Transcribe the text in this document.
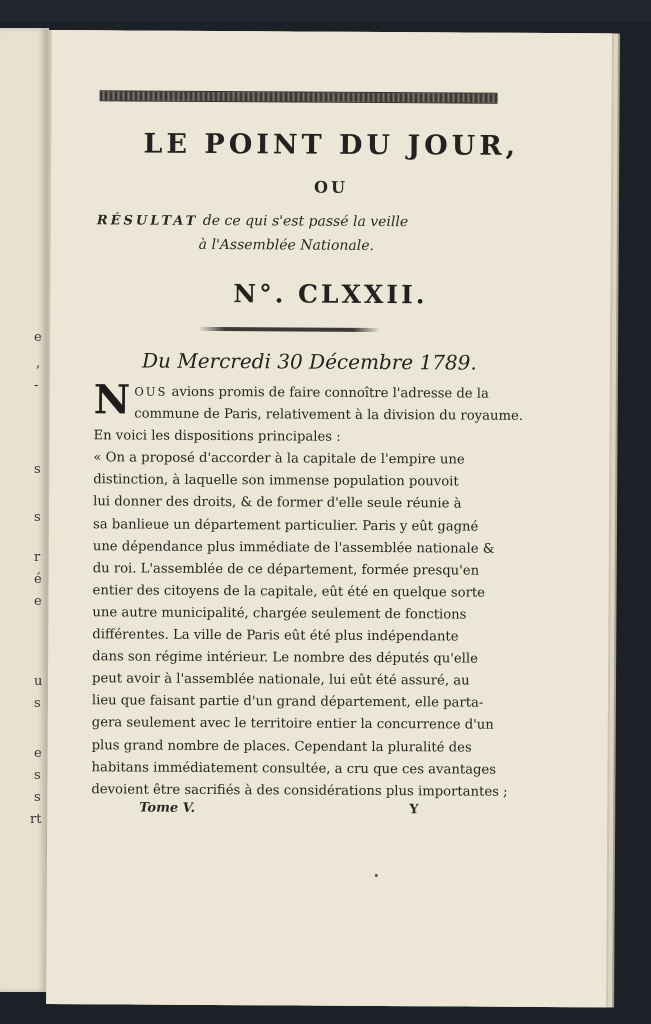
e
,
-
s
s
r
é
e
u
s
e
s
s
rt
LE POINT DU JOUR,
OU
RÉSULTAT de ce qui s'est passé la veille
à l'Assemblée Nationale.
N°. CLXXII.
Du Mercredi 30 Décembre 1789.
N OUS avions promis de faire connoître l'adresse de la
commune de Paris, relativement à la division du royaume.
En voici les dispositions principales :
« On a proposé d'accorder à la capitale de l'empire une
distinction, à laquelle son immense population pouvoit
lui donner des droits, & de former d'elle seule réunie à
sa banlieue un département particulier. Paris y eût gagné
une dépendance plus immédiate de l'assemblée nationale &
du roi. L'assemblée de ce département, formée presqu'en
entier des citoyens de la capitale, eût été en quelque sorte
une autre municipalité, chargée seulement de fonctions
différentes. La ville de Paris eût été plus indépendante
dans son régime intérieur. Le nombre des députés qu'elle
peut avoir à l'assemblée nationale, lui eût été assuré, au
lieu que faisant partie d'un grand département, elle parta-
gera seulement avec le territoire entier la concurrence d'un
plus grand nombre de places. Cependant la pluralité des
habitans immédiatement consultée, a cru que ces avantages
devoient être sacrifiés à des considérations plus importantes ;
Tome V.	Y
